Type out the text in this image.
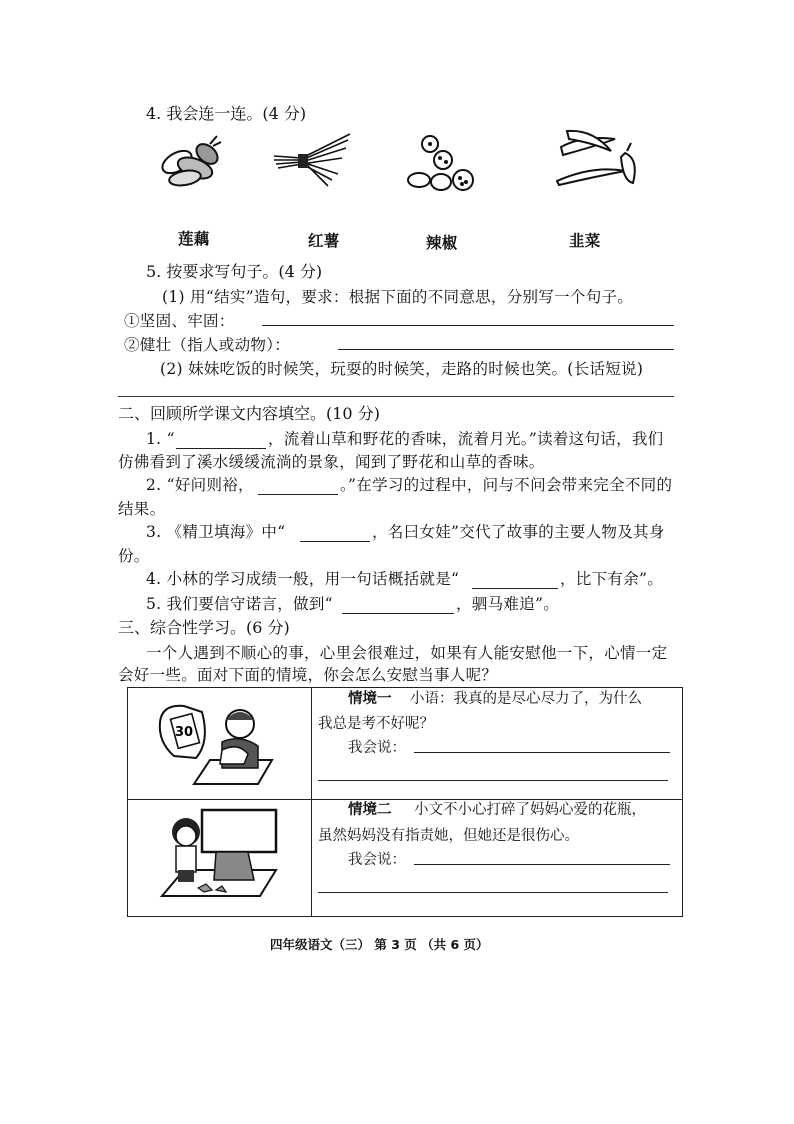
4. 我会连一连。(4 分)
莲藕	红薯	辣椒	韭菜
5. 按要求写句子。(4 分)
(1) 用“结实”造句，要求：根据下面的不同意思，分别写一个句子。
①坚固、牢固：
②健壮（指人或动物）：
(2) 妹妹吃饭的时候笑，玩耍的时候笑，走路的时候也笑。(长话短说)
二、回顾所学课文内容填空。(10 分)
1. “	，流着山草和野花的香味，流着月光。”读着这句话，我们
仿佛看到了溪水缓缓流淌的景象，闻到了野花和山草的香味。
2. “好问则裕，	。”在学习的过程中，问与不问会带来完全不同的
结果。
3. 《精卫填海》中“	，名曰女娃”交代了故事的主要人物及其身
份。
4. 小林的学习成绩一般，用一句话概括就是“	，比下有余”。
5. 我们要信守诺言，做到“	，驷马难追”。
三、综合性学习。(6 分)
一个人遇到不顺心的事，心里会很难过，如果有人能安慰他一下，心情一定
会好一些。面对下面的情境，你会怎么安慰当事人呢？
30
情境一 小语：我真的是尽心尽力了，为什么
我总是考不好呢？
我会说：
情境二 小文不小心打碎了妈妈心爱的花瓶，
虽然妈妈没有指责她，但她还是很伤心。
我会说：
四年级语文（三） 第 3 页 （共 6 页）
